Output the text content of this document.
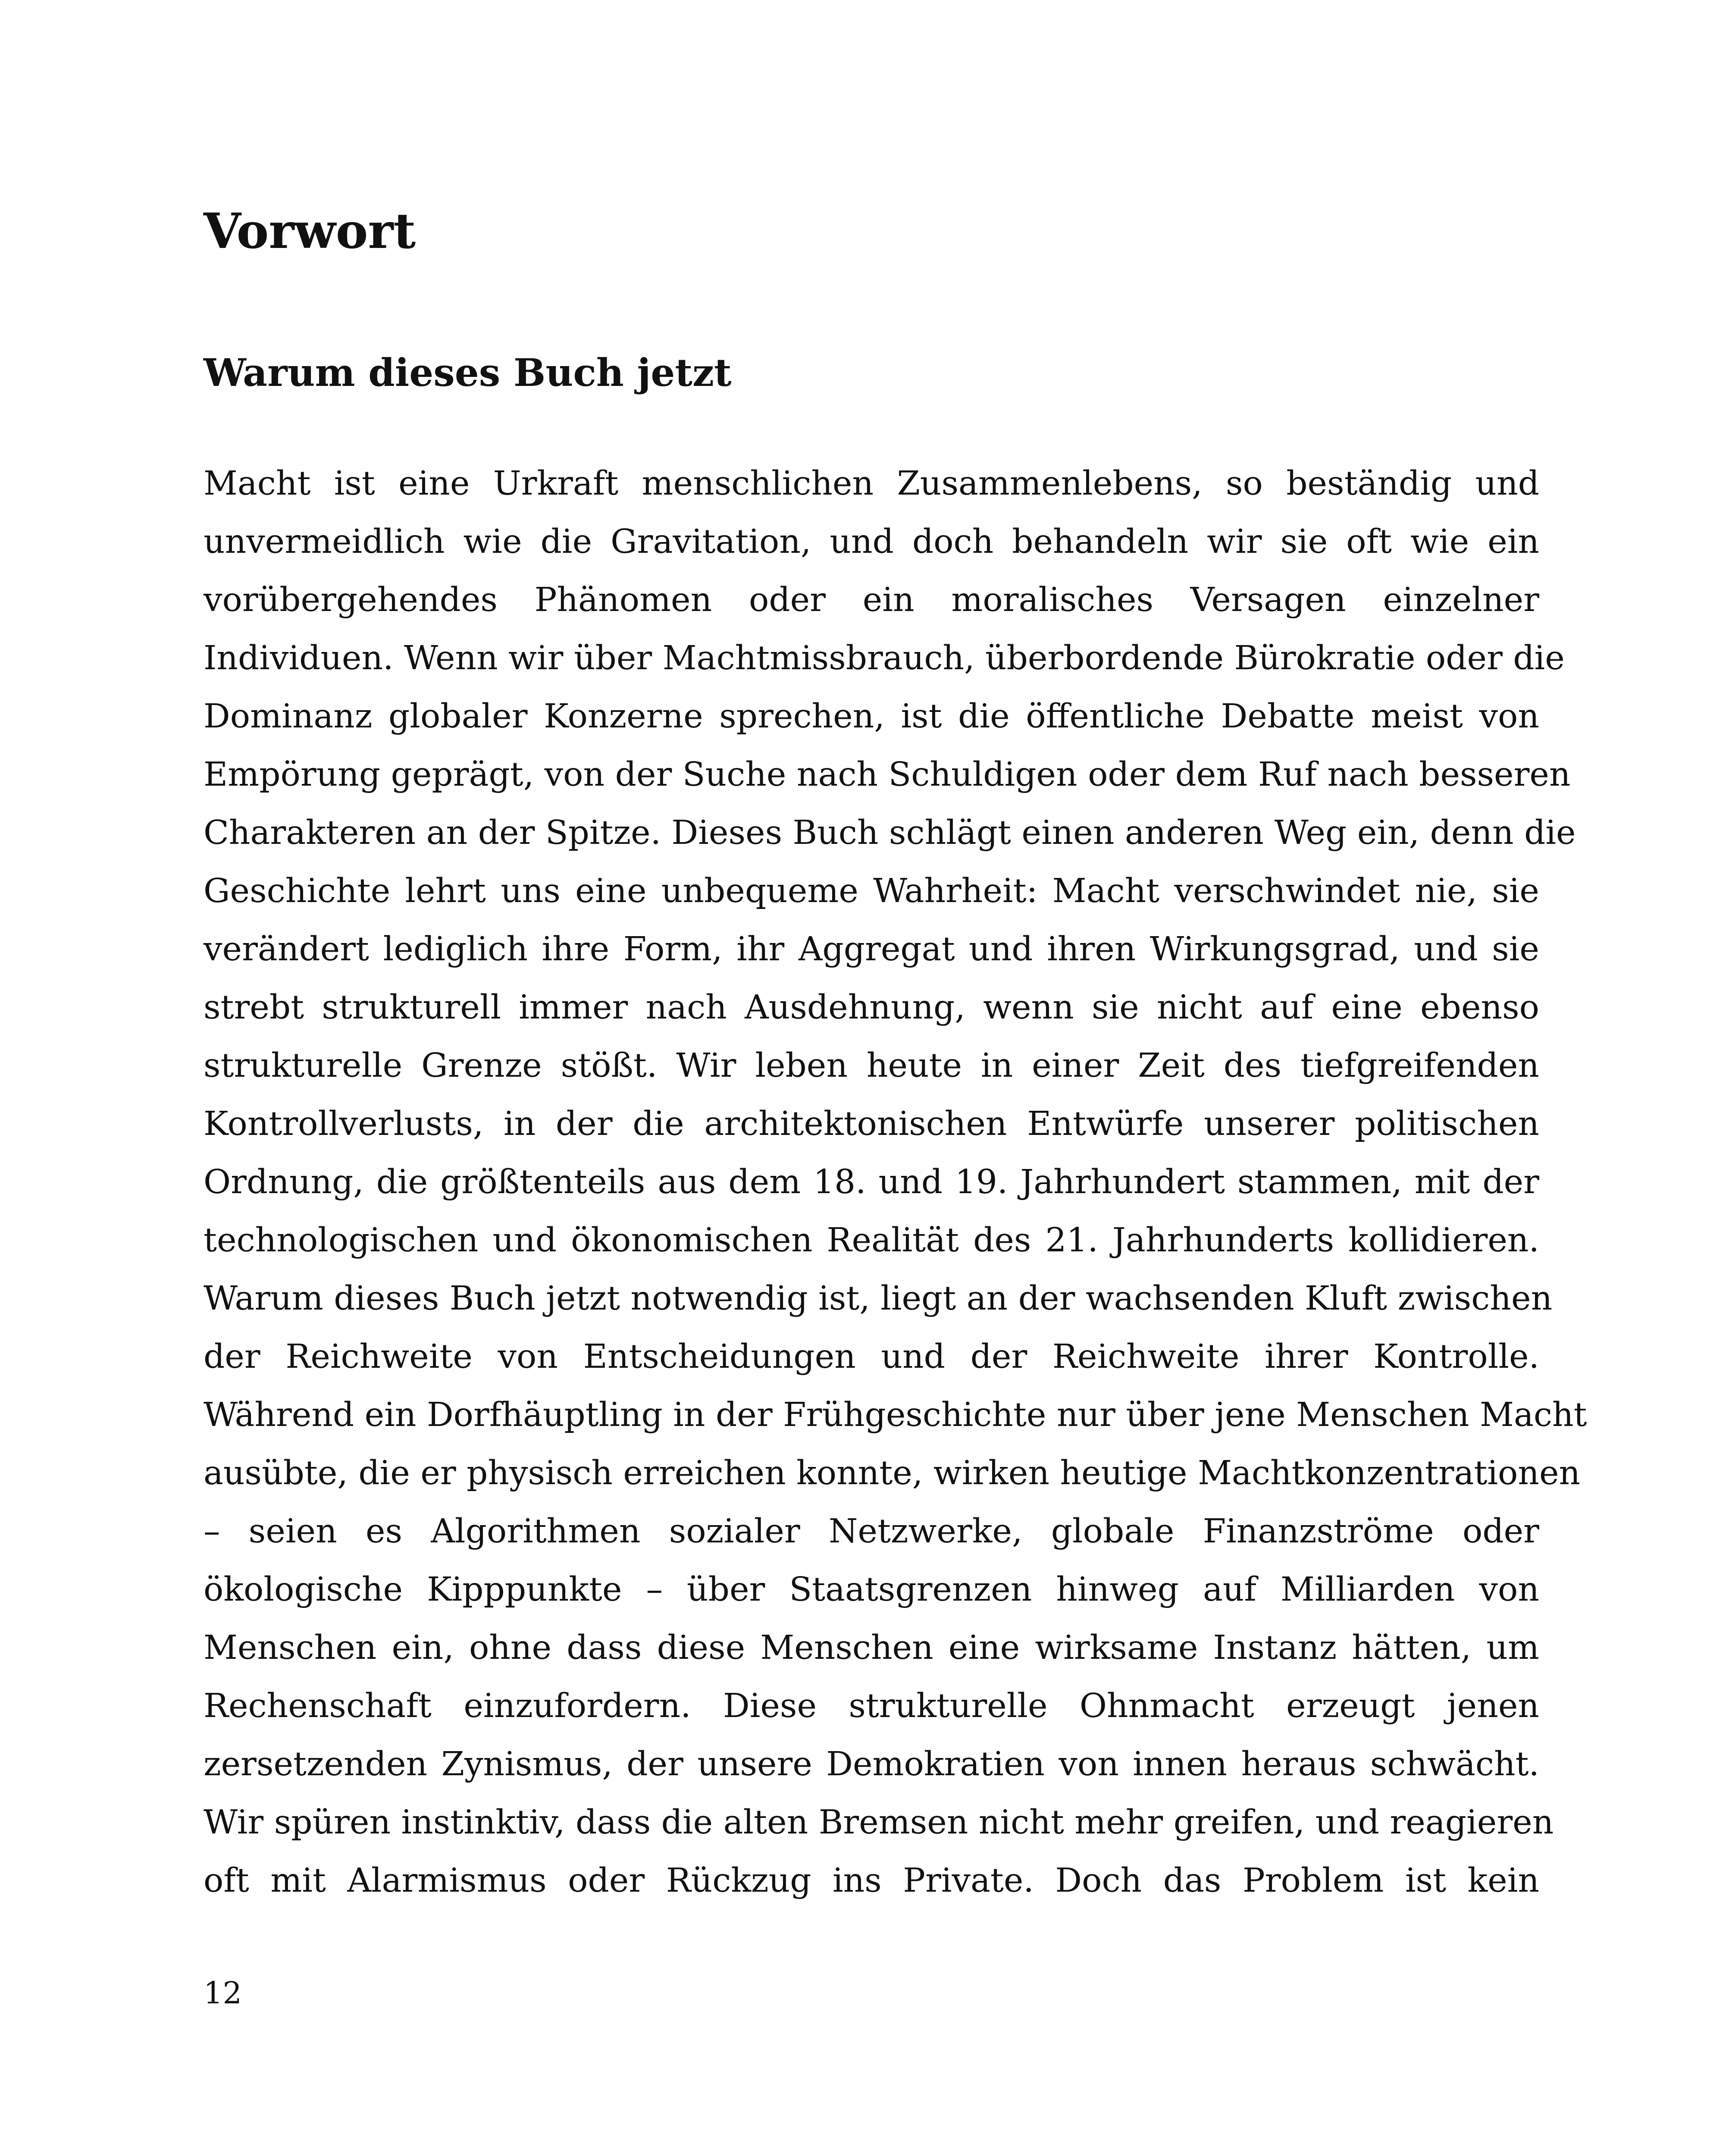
Vorwort
Warum dieses Buch jetzt
Macht ist eine Urkraft menschlichen Zusammenlebens, so beständig und
unvermeidlich wie die Gravitation, und doch behandeln wir sie oft wie ein
vorübergehendes Phänomen oder ein moralisches Versagen einzelner
Individuen. Wenn wir über Machtmissbrauch, überbordende Bürokratie oder die
Dominanz globaler Konzerne sprechen, ist die öffentliche Debatte meist von
Empörung geprägt, von der Suche nach Schuldigen oder dem Ruf nach besseren
Charakteren an der Spitze. Dieses Buch schlägt einen anderen Weg ein, denn die
Geschichte lehrt uns eine unbequeme Wahrheit: Macht verschwindet nie, sie
verändert lediglich ihre Form, ihr Aggregat und ihren Wirkungsgrad, und sie
strebt strukturell immer nach Ausdehnung, wenn sie nicht auf eine ebenso
strukturelle Grenze stößt. Wir leben heute in einer Zeit des tiefgreifenden
Kontrollverlusts, in der die architektonischen Entwürfe unserer politischen
Ordnung, die größtenteils aus dem 18. und 19. Jahrhundert stammen, mit der
technologischen und ökonomischen Realität des 21. Jahrhunderts kollidieren.
Warum dieses Buch jetzt notwendig ist, liegt an der wachsenden Kluft zwischen
der Reichweite von Entscheidungen und der Reichweite ihrer Kontrolle.
Während ein Dorfhäuptling in der Frühgeschichte nur über jene Menschen Macht
ausübte, die er physisch erreichen konnte, wirken heutige Machtkonzentrationen
– seien es Algorithmen sozialer Netzwerke, globale Finanzströme oder
ökologische Kipppunkte – über Staatsgrenzen hinweg auf Milliarden von
Menschen ein, ohne dass diese Menschen eine wirksame Instanz hätten, um
Rechenschaft einzufordern. Diese strukturelle Ohnmacht erzeugt jenen
zersetzenden Zynismus, der unsere Demokratien von innen heraus schwächt.
Wir spüren instinktiv, dass die alten Bremsen nicht mehr greifen, und reagieren
oft mit Alarmismus oder Rückzug ins Private. Doch das Problem ist kein
12
